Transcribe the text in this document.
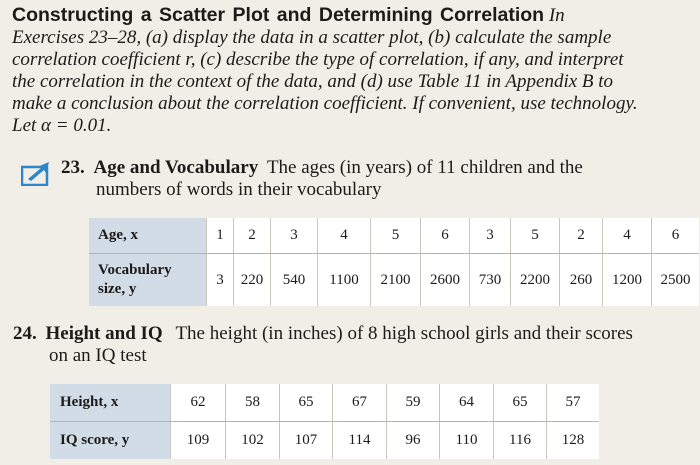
Constructing a Scatter Plot and Determining Correlation In
Exercises 23–28, (a) display the data in a scatter plot, (b) calculate the sample
correlation coefficient r, (c) describe the type of correlation, if any, and interpret
the correlation in the context of the data, and (d) use Table 11 in Appendix B to
make a conclusion about the correlation coefficient. If convenient, use technology.
Let α = 0.01.
23. Age and Vocabulary The ages (in years) of 11 children and the
numbers of words in their vocabulary
Age, x	1	2	3	4	5	6	3	5	2	4	6
Vocabulary
size, y	3	220	540	1100	2100	2600	730	2200	260	1200	2500
24. Height and IQ The height (in inches) of 8 high school girls and their scores
on an IQ test
Height, x	62	58	65	67	59	64	65	57
IQ score, y	109	102	107	114	96	110	116	128
